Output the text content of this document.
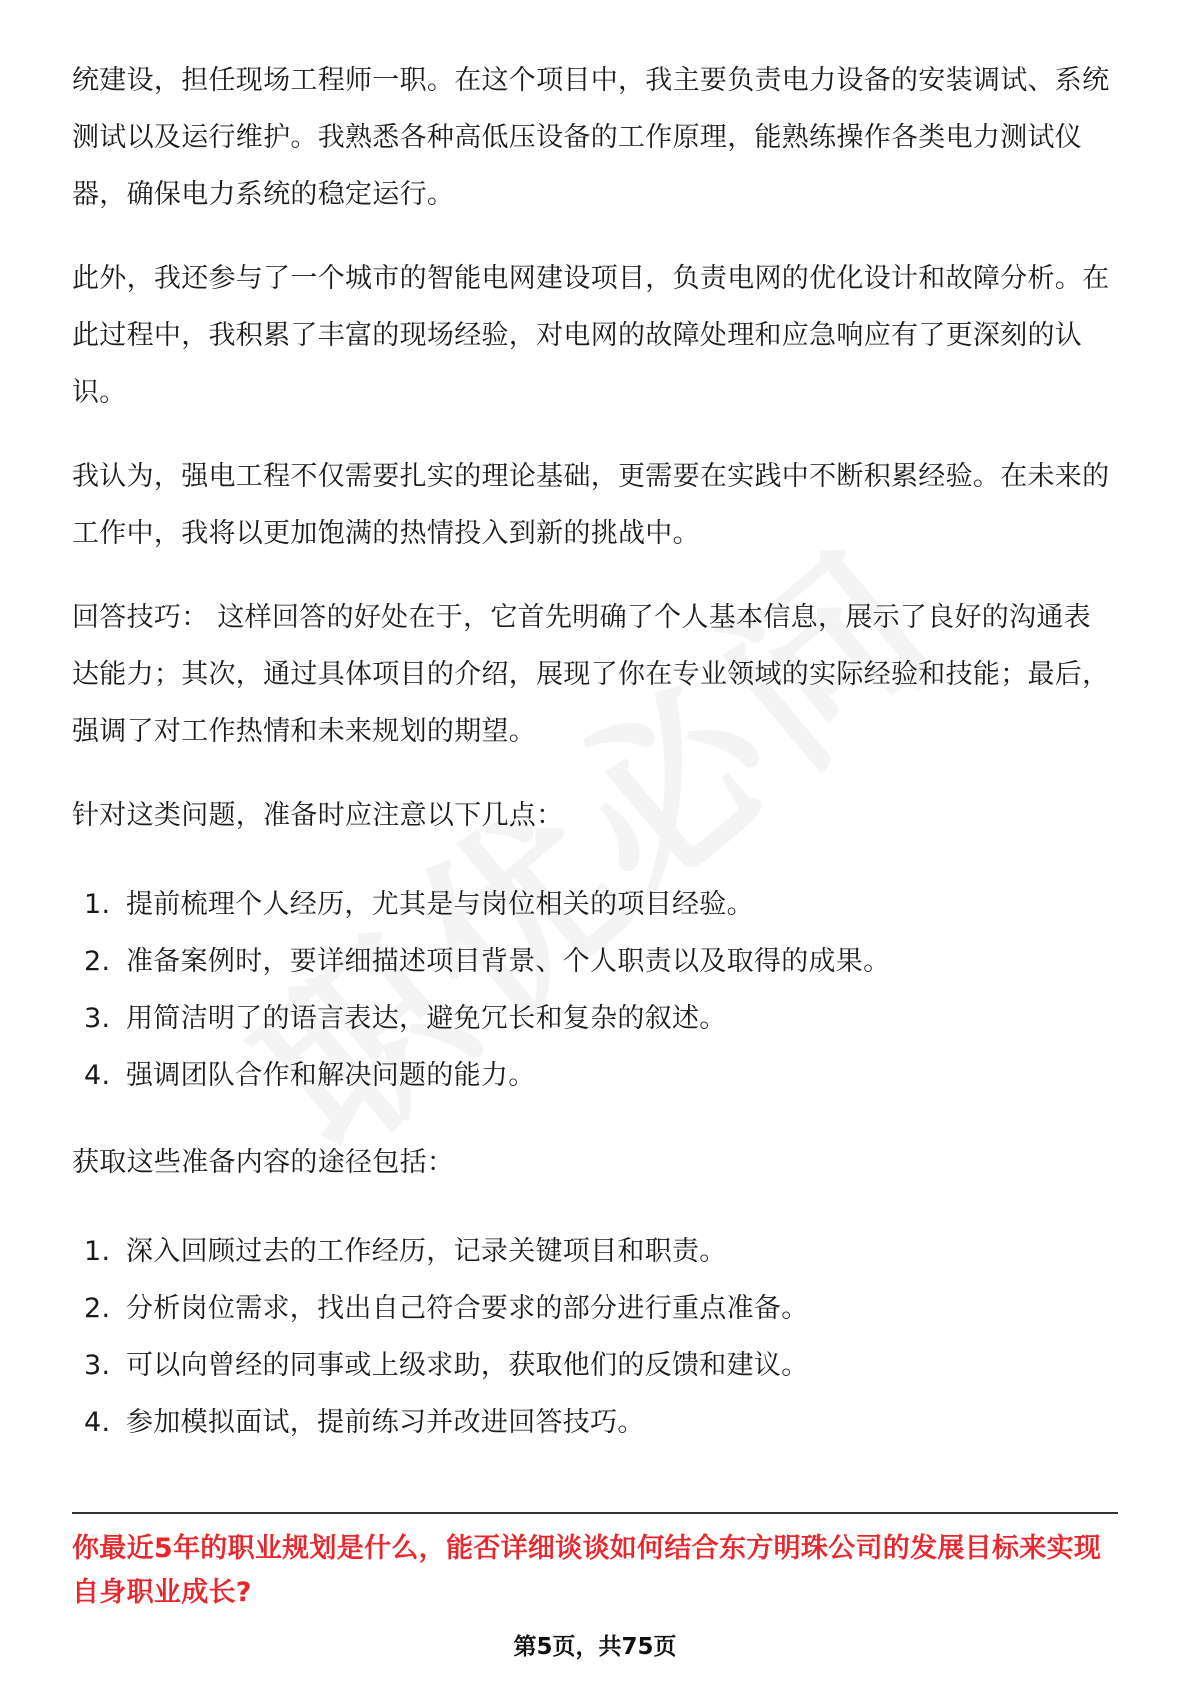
统建设，担任现场工程师一职。在这个项目中，我主要负责电力设备的安装调试、系统测试以及运行维护。我熟悉各种高低压设备的工作原理，能熟练操作各类电力测试仪器，确保电力系统的稳定运行。

此外，我还参与了一个城市的智能电网建设项目，负责电网的优化设计和故障分析。在此过程中，我积累了丰富的现场经验，对电网的故障处理和应急响应有了更深刻的认识。

我认为，强电工程不仅需要扎实的理论基础，更需要在实践中不断积累经验。在未来的工作中，我将以更加饱满的热情投入到新的挑战中。

回答技巧： 这样回答的好处在于，它首先明确了个人基本信息，展示了良好的沟通表达能力；其次，通过具体项目的介绍，展现了你在专业领域的实际经验和技能；最后，强调了对工作热情和未来规划的期望。

针对这类问题，准备时应注意以下几点：

1. 提前梳理个人经历，尤其是与岗位相关的项目经验。
2. 准备案例时，要详细描述项目背景、个人职责以及取得的成果。
3. 用简洁明了的语言表达，避免冗长和复杂的叙述。
4. 强调团队合作和解决问题的能力。

获取这些准备内容的途径包括：

1. 深入回顾过去的工作经历，记录关键项目和职责。
2. 分析岗位需求，找出自己符合要求的部分进行重点准备。
3. 可以向曾经的同事或上级求助，获取他们的反馈和建议。
4. 参加模拟面试，提前练习并改进回答技巧。
你最近5年的职业规划是什么，能否详细谈谈如何结合东方明珠公司的发展目标来实现自身职业成长?
第5页，共75页
